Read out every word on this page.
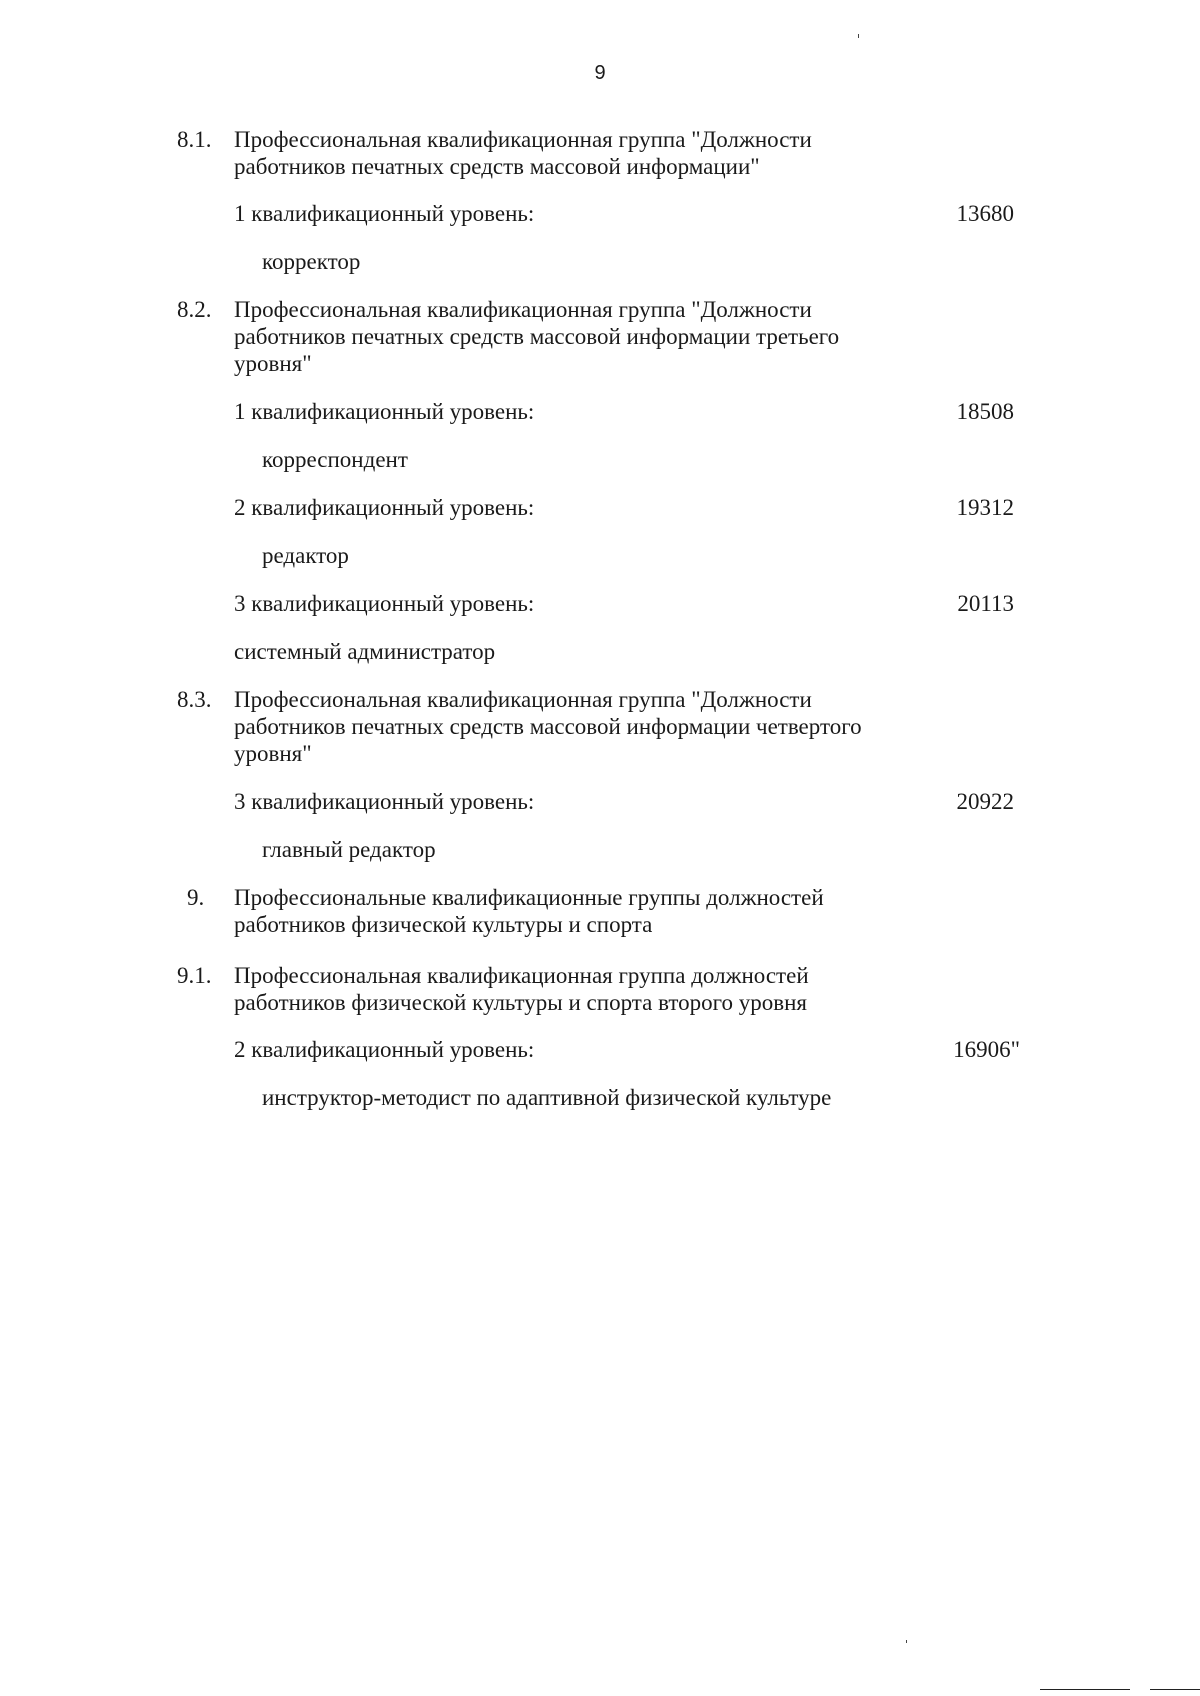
9
8.1. Профессиональная квалификационная группа "Должности работников печатных средств массовой информации"
1 квалификационный уровень:	13680
корректор
8.2. Профессиональная квалификационная группа "Должности работников печатных средств массовой информации третьего уровня"
1 квалификационный уровень:	18508
корреспондент
2 квалификационный уровень:	19312
редактор
3 квалификационный уровень:	20113
системный администратор
8.3. Профессиональная квалификационная группа "Должности работников печатных средств массовой информации четвертого уровня"
3 квалификационный уровень:	20922
главный редактор
9. Профессиональные квалификационные группы должностей работников физической культуры и спорта
9.1. Профессиональная квалификационная группа должностей работников физической культуры и спорта второго уровня
2 квалификационный уровень:	16906"
инструктор-методист по адаптивной физической культуре
